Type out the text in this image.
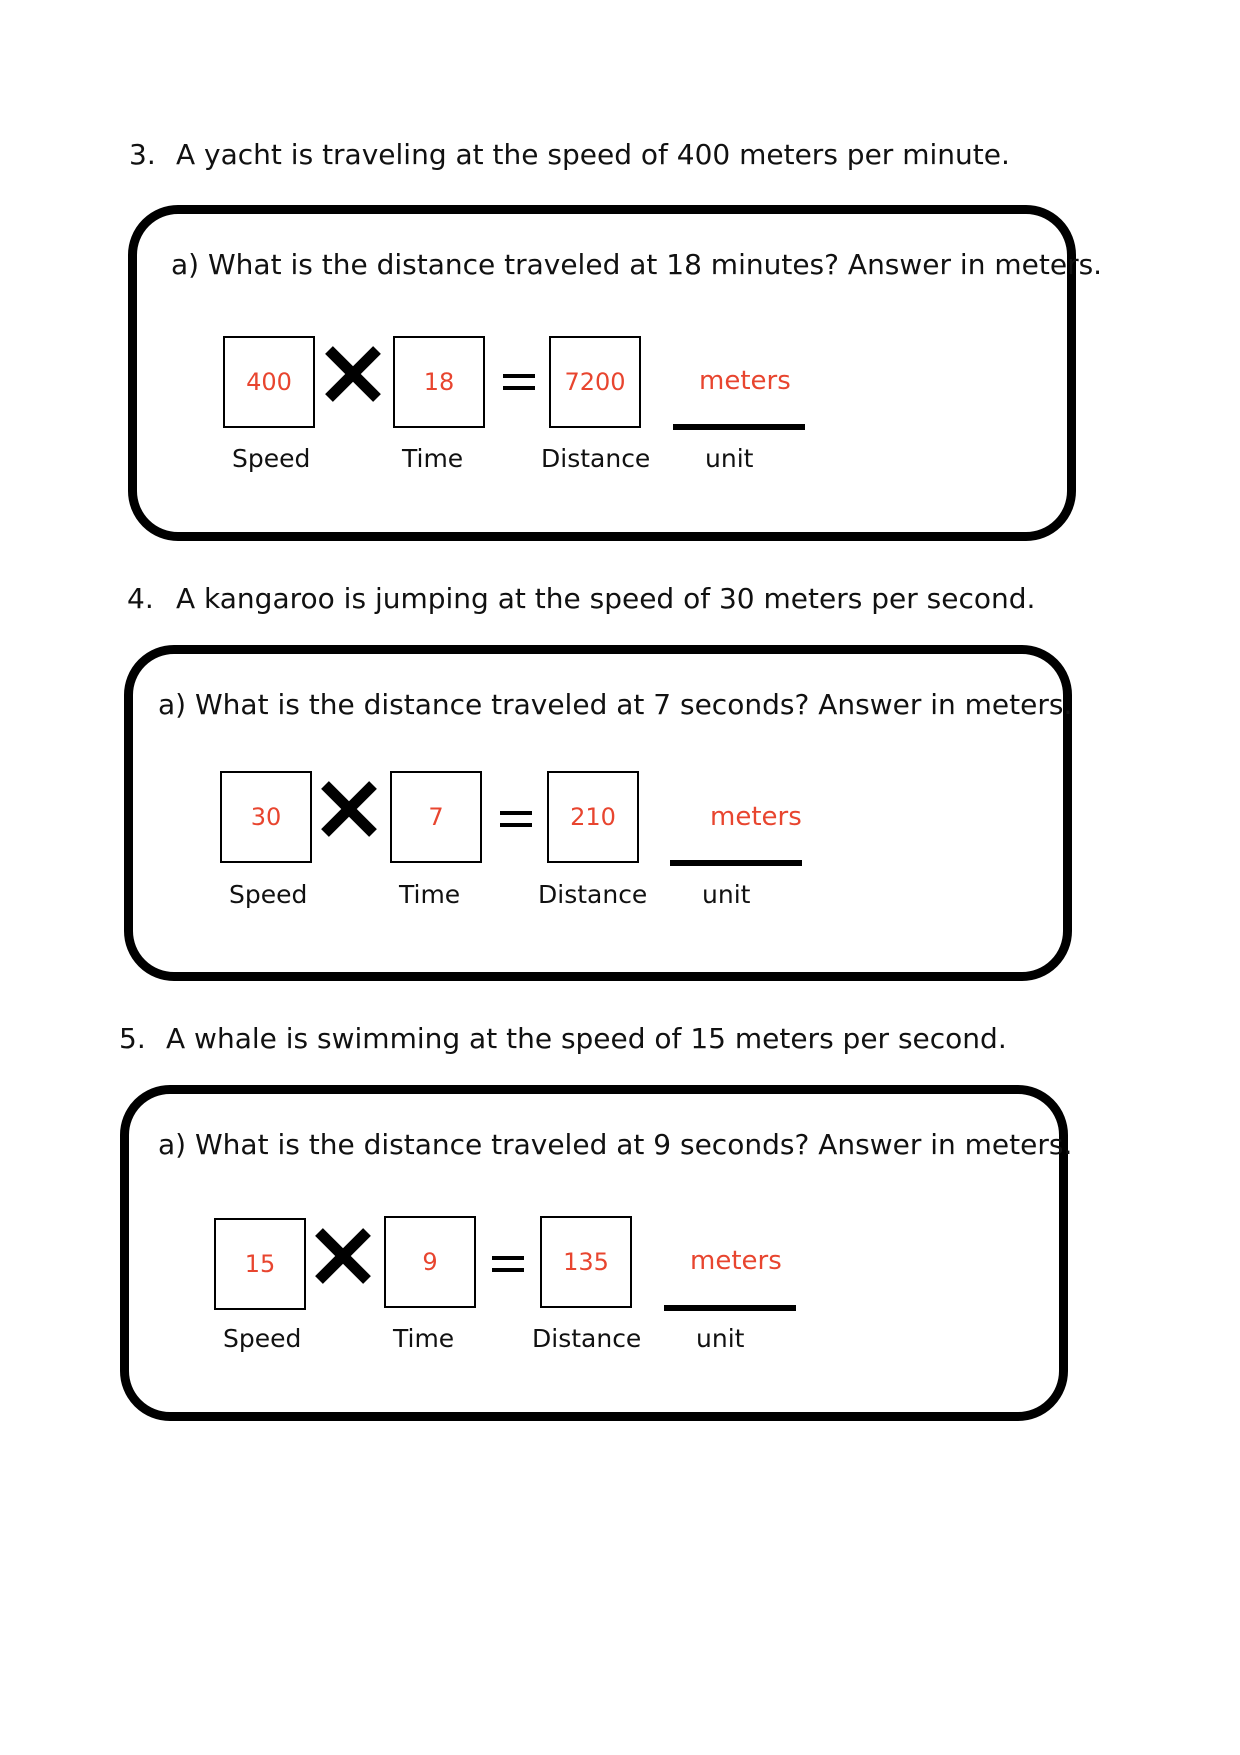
3. A yacht is traveling at the speed of 400 meters per minute.
a) What is the distance traveled at 18 minutes? Answer in meters.
400	18	7200	meters
Speed	Time	Distance unit
4. A kangaroo is jumping at the speed of 30 meters per second.
a) What is the distance traveled at 7 seconds? Answer in meters.
30	7	210	meters
Speed	Time	Distance unit
5. A whale is swimming at the speed of 15 meters per second.
a) What is the distance traveled at 9 seconds? Answer in meters.
15	9	135	meters
Speed	Time	Distance unit
